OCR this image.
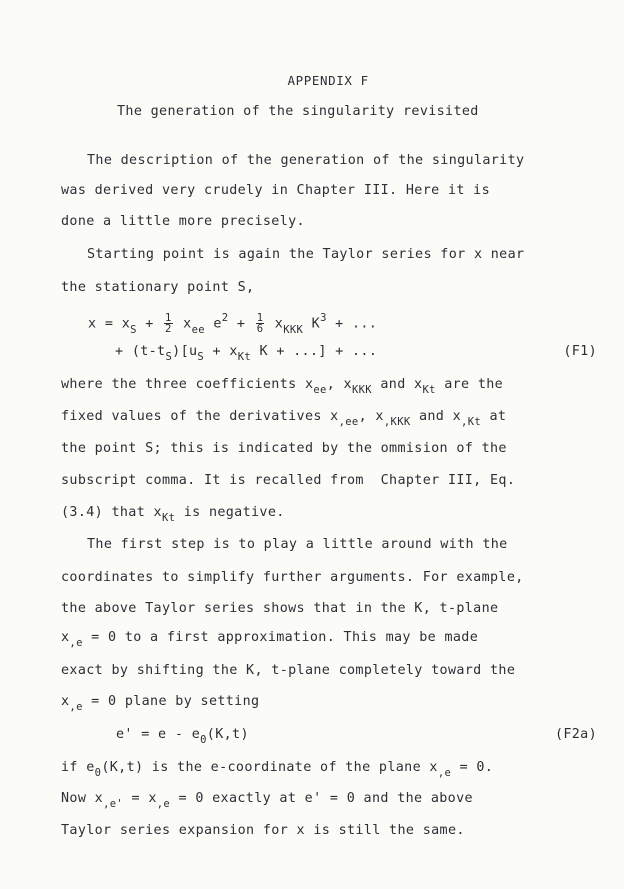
APPENDIX F

The generation of the singularity revisited
The description of the generation of the singularity
was derived very crudely in Chapter III. Here it is
done a little more precisely.
Starting point is again the Taylor series for x near
the stationary point S,
$x = x_S + \frac{1}{2} x_{ee}$ $e^2 + \frac{1}{6} x_{KKK}$ $K^3$ + ...
+ $(t-t_S)[u_S + x_{Kt}$ K + ...] + ...	(F1)
where the three coefficients $x_{ee}$, $x_{KKK}$ and $x_{Kt}$ are the
fixed values of the derivatives $x_{,ee}$, $x_{,KKK}$ and $x_{,Kt}$ at
the point S; this is indicated by the ommision of the
subscript comma. It is recalled from  Chapter III, Eq.
(3.4) that $x_{Kt}$ is negative.
The first step is to play a little around with the
coordinates to simplify further arguments. For example,
the above Taylor series shows that in the K, t-plane
$x_{,e} = 0$ to a first approximation. This may be made
exact by shifting the K, t-plane completely toward the
$x_{,e} = 0$ plane by setting
$e' = e - e_0(K,t)$	(F2a)
if $e_0(K,t)$ is the e-coordinate of the plane $x_{,e} = 0$.
Now $x_{,e'} = x_{,e} = 0$ exactly at e' = 0 and the above
Taylor series expansion for x is still the same.
